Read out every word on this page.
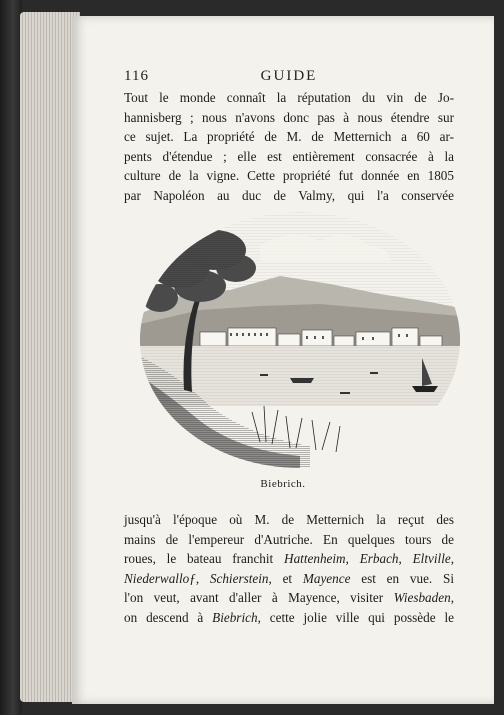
116	GUIDE
Tout le monde connaît la réputation du vin de Jo-
hannisberg ; nous n'avons donc pas à nous étendre sur
ce sujet. La propriété de M. de Metternich a 60 ar-
pents d'étendue ; elle est entièrement consacrée à la
culture de la vigne. Cette propriété fut donnée en 1805
par Napoléon au duc de Valmy, qui l'a conservée
Biebrich.
jusqu'à l'époque où M. de Metternich la reçut des
mains de l'empereur d'Autriche. En quelques tours de
roues, le bateau franchit Hattenheim, Erbach, Eltville,
Niederwalloƒ, Schierstein, et Mayence est en vue. Si
l'on veut, avant d'aller à Mayence, visiter Wiesbaden,
on descend à Biebrich, cette jolie ville qui possède le
